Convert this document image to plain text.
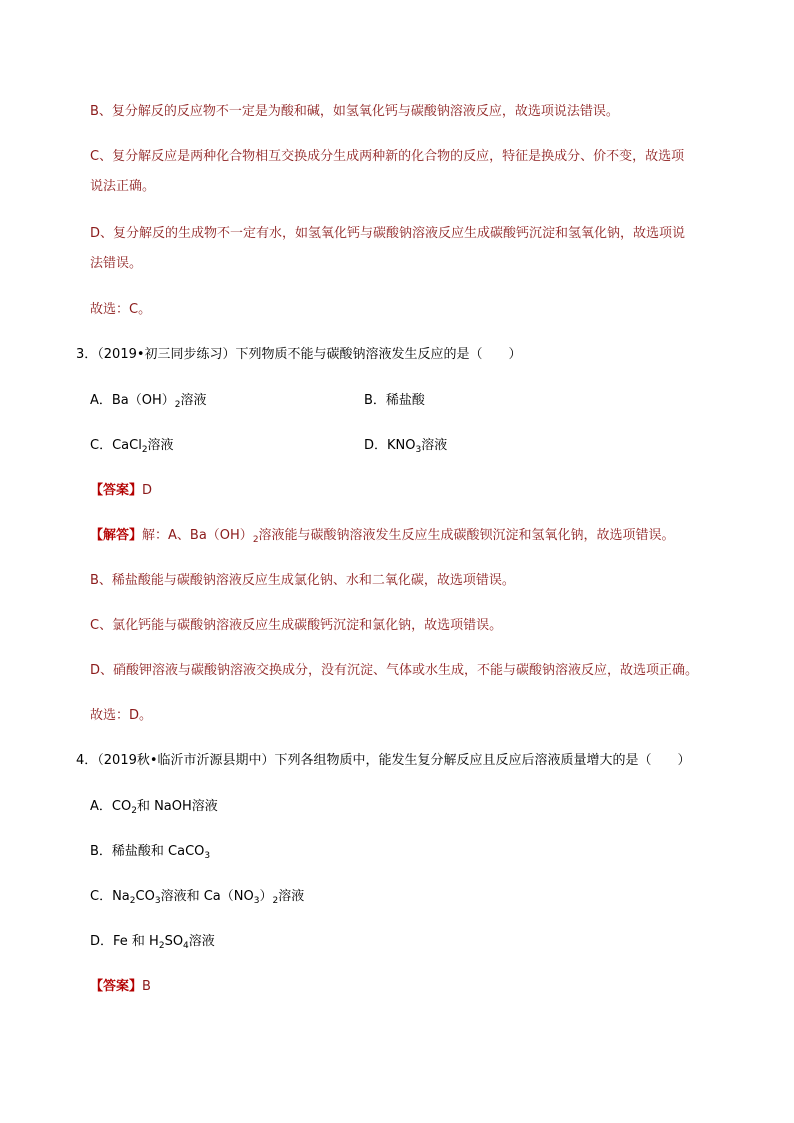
B、复分解反的反应物不一定是为酸和碱，如氢氧化钙与碳酸钠溶液反应，故选项说法错误。
C、复分解反应是两种化合物相互交换成分生成两种新的化合物的反应，特征是换成分、价不变，故选项
说法正确。
D、复分解反的生成物不一定有水，如氢氧化钙与碳酸钠溶液反应生成碳酸钙沉淀和氢氧化钠，故选项说
法错误。
故选：C。
3．（2019•初三同步练习）下列物质不能与碳酸钠溶液发生反应的是（　　）
A．$Ba(OH)_2$溶液	B．稀盐酸
C．CaCl$_2$溶液	D．$KNO_3$溶液
【答案】D
【解答】解：A、$Ba(OH)_2$溶液能与碳酸钠溶液发生反应生成碳酸钡沉淀和氢氧化钠，故选项错误。
B、稀盐酸能与碳酸钠溶液反应生成氯化钠、水和二氧化碳，故选项错误。
C、氯化钙能与碳酸钠溶液反应生成碳酸钙沉淀和氯化钠，故选项错误。
D、硝酸钾溶液与碳酸钠溶液交换成分，没有沉淀、气体或水生成，不能与碳酸钠溶液反应，故选项正确。
故选：D。
4．（2019秋•临沂市沂源县期中）下列各组物质中，能发生复分解反应且反应后溶液质量增大的是（　　）
A．$CO_2$和 NaOH溶液
B．稀盐酸和 CaCO$_3$
C．$Na_2CO_3$溶液和 $Ca(NO_3)_2$溶液
D．Fe 和 $H_2SO_4$溶液
【答案】B
